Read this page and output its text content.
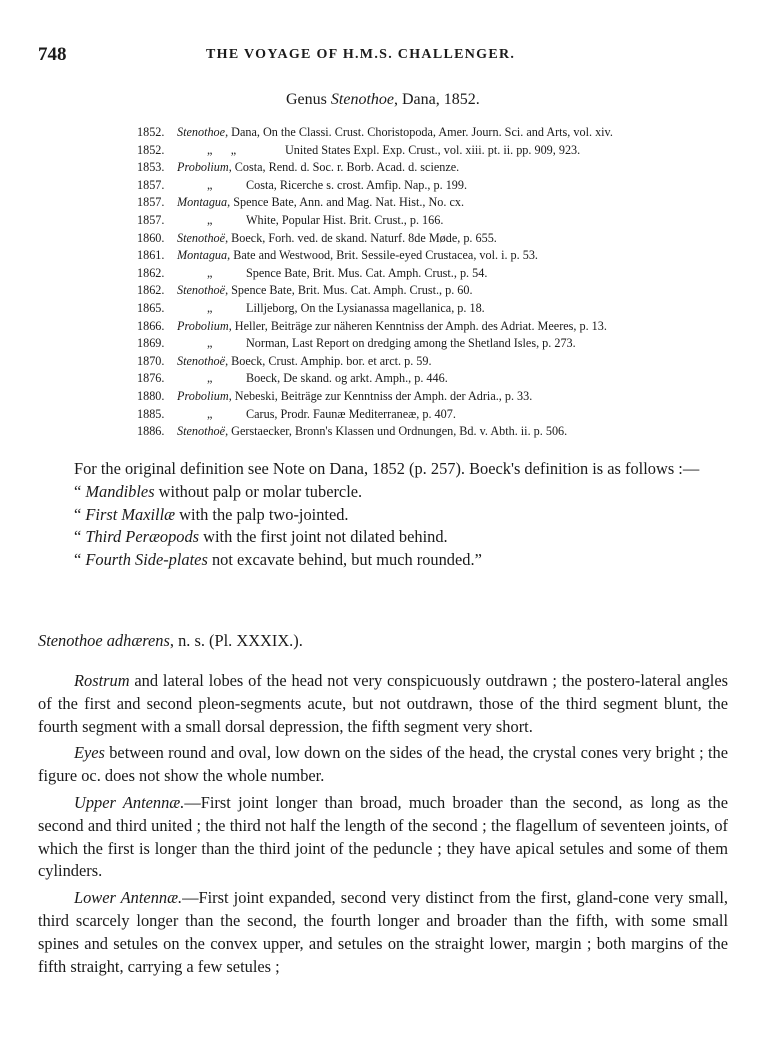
748	THE VOYAGE OF H.M.S. CHALLENGER.
Genus Stenothoe, Dana, 1852.
1852. Stenothoe, Dana, On the Classi. Crust. Choristopoda, Amer. Journ. Sci. and Arts, vol. xiv.
1852.	„      „	United States Expl. Exp. Crust., vol. xiii. pt. ii. pp. 909, 923.
1853. Probolium, Costa, Rend. d. Soc. r. Borb. Acad. d. scienze.
1857.	„	Costa, Ricerche s. crost. Amfip. Nap., p. 199.
1857. Montagua, Spence Bate, Ann. and Mag. Nat. Hist., No. cx.
1857.	„	White, Popular Hist. Brit. Crust., p. 166.
1860. Stenothoë, Boeck, Forh. ved. de skand. Naturf. 8de Møde, p. 655.
1861. Montagua, Bate and Westwood, Brit. Sessile-eyed Crustacea, vol. i. p. 53.
1862.	„	Spence Bate, Brit. Mus. Cat. Amph. Crust., p. 54.
1862. Stenothoë, Spence Bate, Brit. Mus. Cat. Amph. Crust., p. 60.
1865.	„	Lilljeborg, On the Lysianassa magellanica, p. 18.
1866. Probolium, Heller, Beiträge zur näheren Kenntniss der Amph. des Adriat. Meeres, p. 13.
1869.	„	Norman, Last Report on dredging among the Shetland Isles, p. 273.
1870. Stenothoë, Boeck, Crust. Amphip. bor. et arct. p. 59.
1876.	„	Boeck, De skand. og arkt. Amph., p. 446.
1880. Probolium, Nebeski, Beiträge zur Kenntniss der Amph. der Adria., p. 33.
1885.	„	Carus, Prodr. Faunæ Mediterraneæ, p. 407.
1886. Stenothoë, Gerstaecker, Bronn's Klassen und Ordnungen, Bd. v. Abth. ii. p. 506.

For the original definition see Note on Dana, 1852 (p. 257). Boeck's definition is as follows :—

“ Mandibles without palp or molar tubercle.

“ First Maxillæ with the palp two-jointed.

“ Third Peræopods with the first joint not dilated behind.

“ Fourth Side-plates not excavate behind, but much rounded.”

Stenothoe adhærens, n. s. (Pl. XXXIX.).

Rostrum and lateral lobes of the head not very conspicuously outdrawn ; the postero-lateral angles of the first and second pleon-segments acute, but not outdrawn, those of the third segment blunt, the fourth segment with a small dorsal depression, the fifth segment very short.

Eyes between round and oval, low down on the sides of the head, the crystal cones very bright ; the figure oc. does not show the whole number.

Upper Antennæ.—First joint longer than broad, much broader than the second, as long as the second and third united ; the third not half the length of the second ; the flagellum of seventeen joints, of which the first is longer than the third joint of the peduncle ; they have apical setules and some of them cylinders.

Lower Antennæ.—First joint expanded, second very distinct from the first, gland-cone very small, third scarcely longer than the second, the fourth longer and broader than the fifth, with some small spines and setules on the convex upper, and setules on the straight lower, margin ; both margins of the fifth straight, carrying a few setules ;
